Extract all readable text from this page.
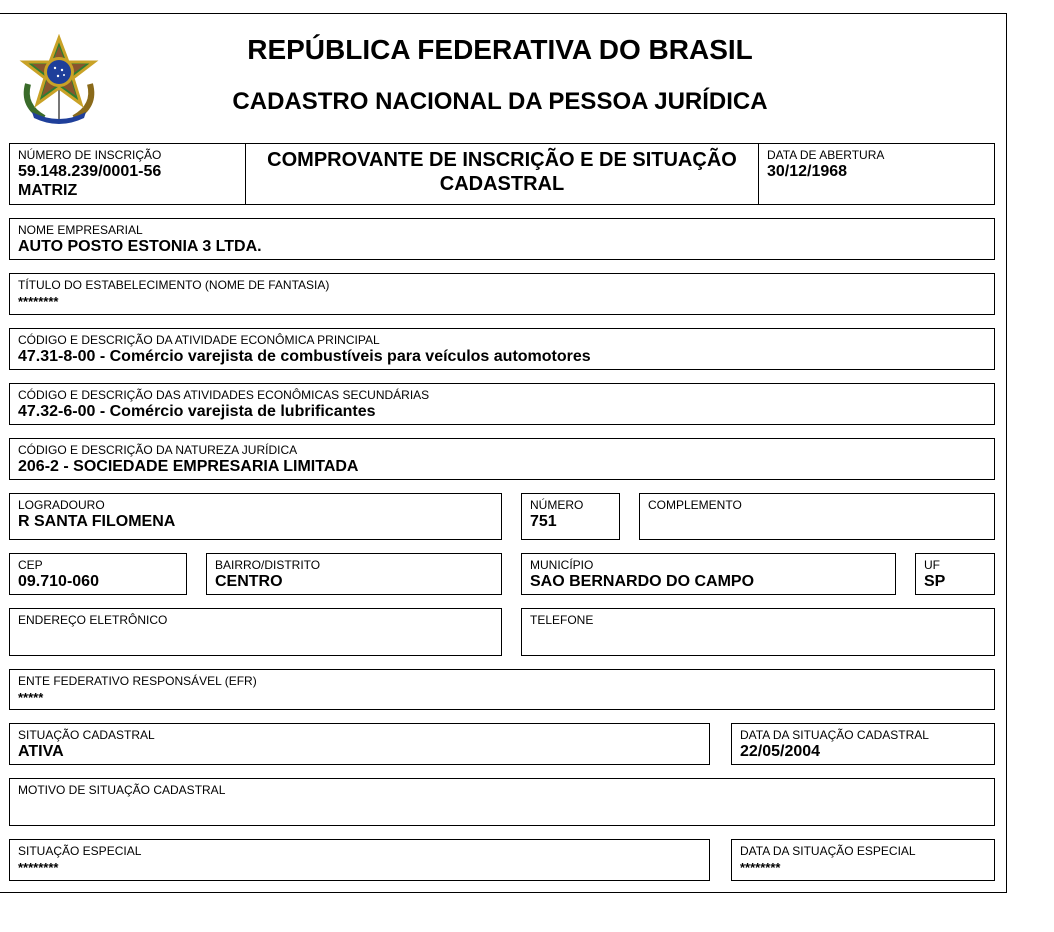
REPÚBLICA FEDERATIVA DO BRASIL
CADASTRO NACIONAL DA PESSOA JURÍDICA
NÚMERO DE INSCRIÇÃO
59.148.239/0001-56
MATRIZ
COMPROVANTE DE INSCRIÇÃO E DE SITUAÇÃO
CADASTRAL
DATA DE ABERTURA
30/12/1968
NOME EMPRESARIAL
AUTO POSTO ESTONIA 3 LTDA.
TÍTULO DO ESTABELECIMENTO (NOME DE FANTASIA)
********
CÓDIGO E DESCRIÇÃO DA ATIVIDADE ECONÔMICA PRINCIPAL
47.31-8-00 - Comércio varejista de combustíveis para veículos automotores
CÓDIGO E DESCRIÇÃO DAS ATIVIDADES ECONÔMICAS SECUNDÁRIAS
47.32-6-00 - Comércio varejista de lubrificantes
CÓDIGO E DESCRIÇÃO DA NATUREZA JURÍDICA
206-2 - SOCIEDADE EMPRESARIA LIMITADA
LOGRADOURO
R SANTA FILOMENA
NÚMERO
751
COMPLEMENTO
CEP
09.710-060
BAIRRO/DISTRITO
CENTRO
MUNICÍPIO
SAO BERNARDO DO CAMPO
UF
SP
ENDEREÇO ELETRÔNICO	TELEFONE
ENTE FEDERATIVO RESPONSÁVEL (EFR)
*****
SITUAÇÃO CADASTRAL
ATIVA
DATA DA SITUAÇÃO CADASTRAL
22/05/2004
MOTIVO DE SITUAÇÃO CADASTRAL
SITUAÇÃO ESPECIAL
********
DATA DA SITUAÇÃO ESPECIAL
********
